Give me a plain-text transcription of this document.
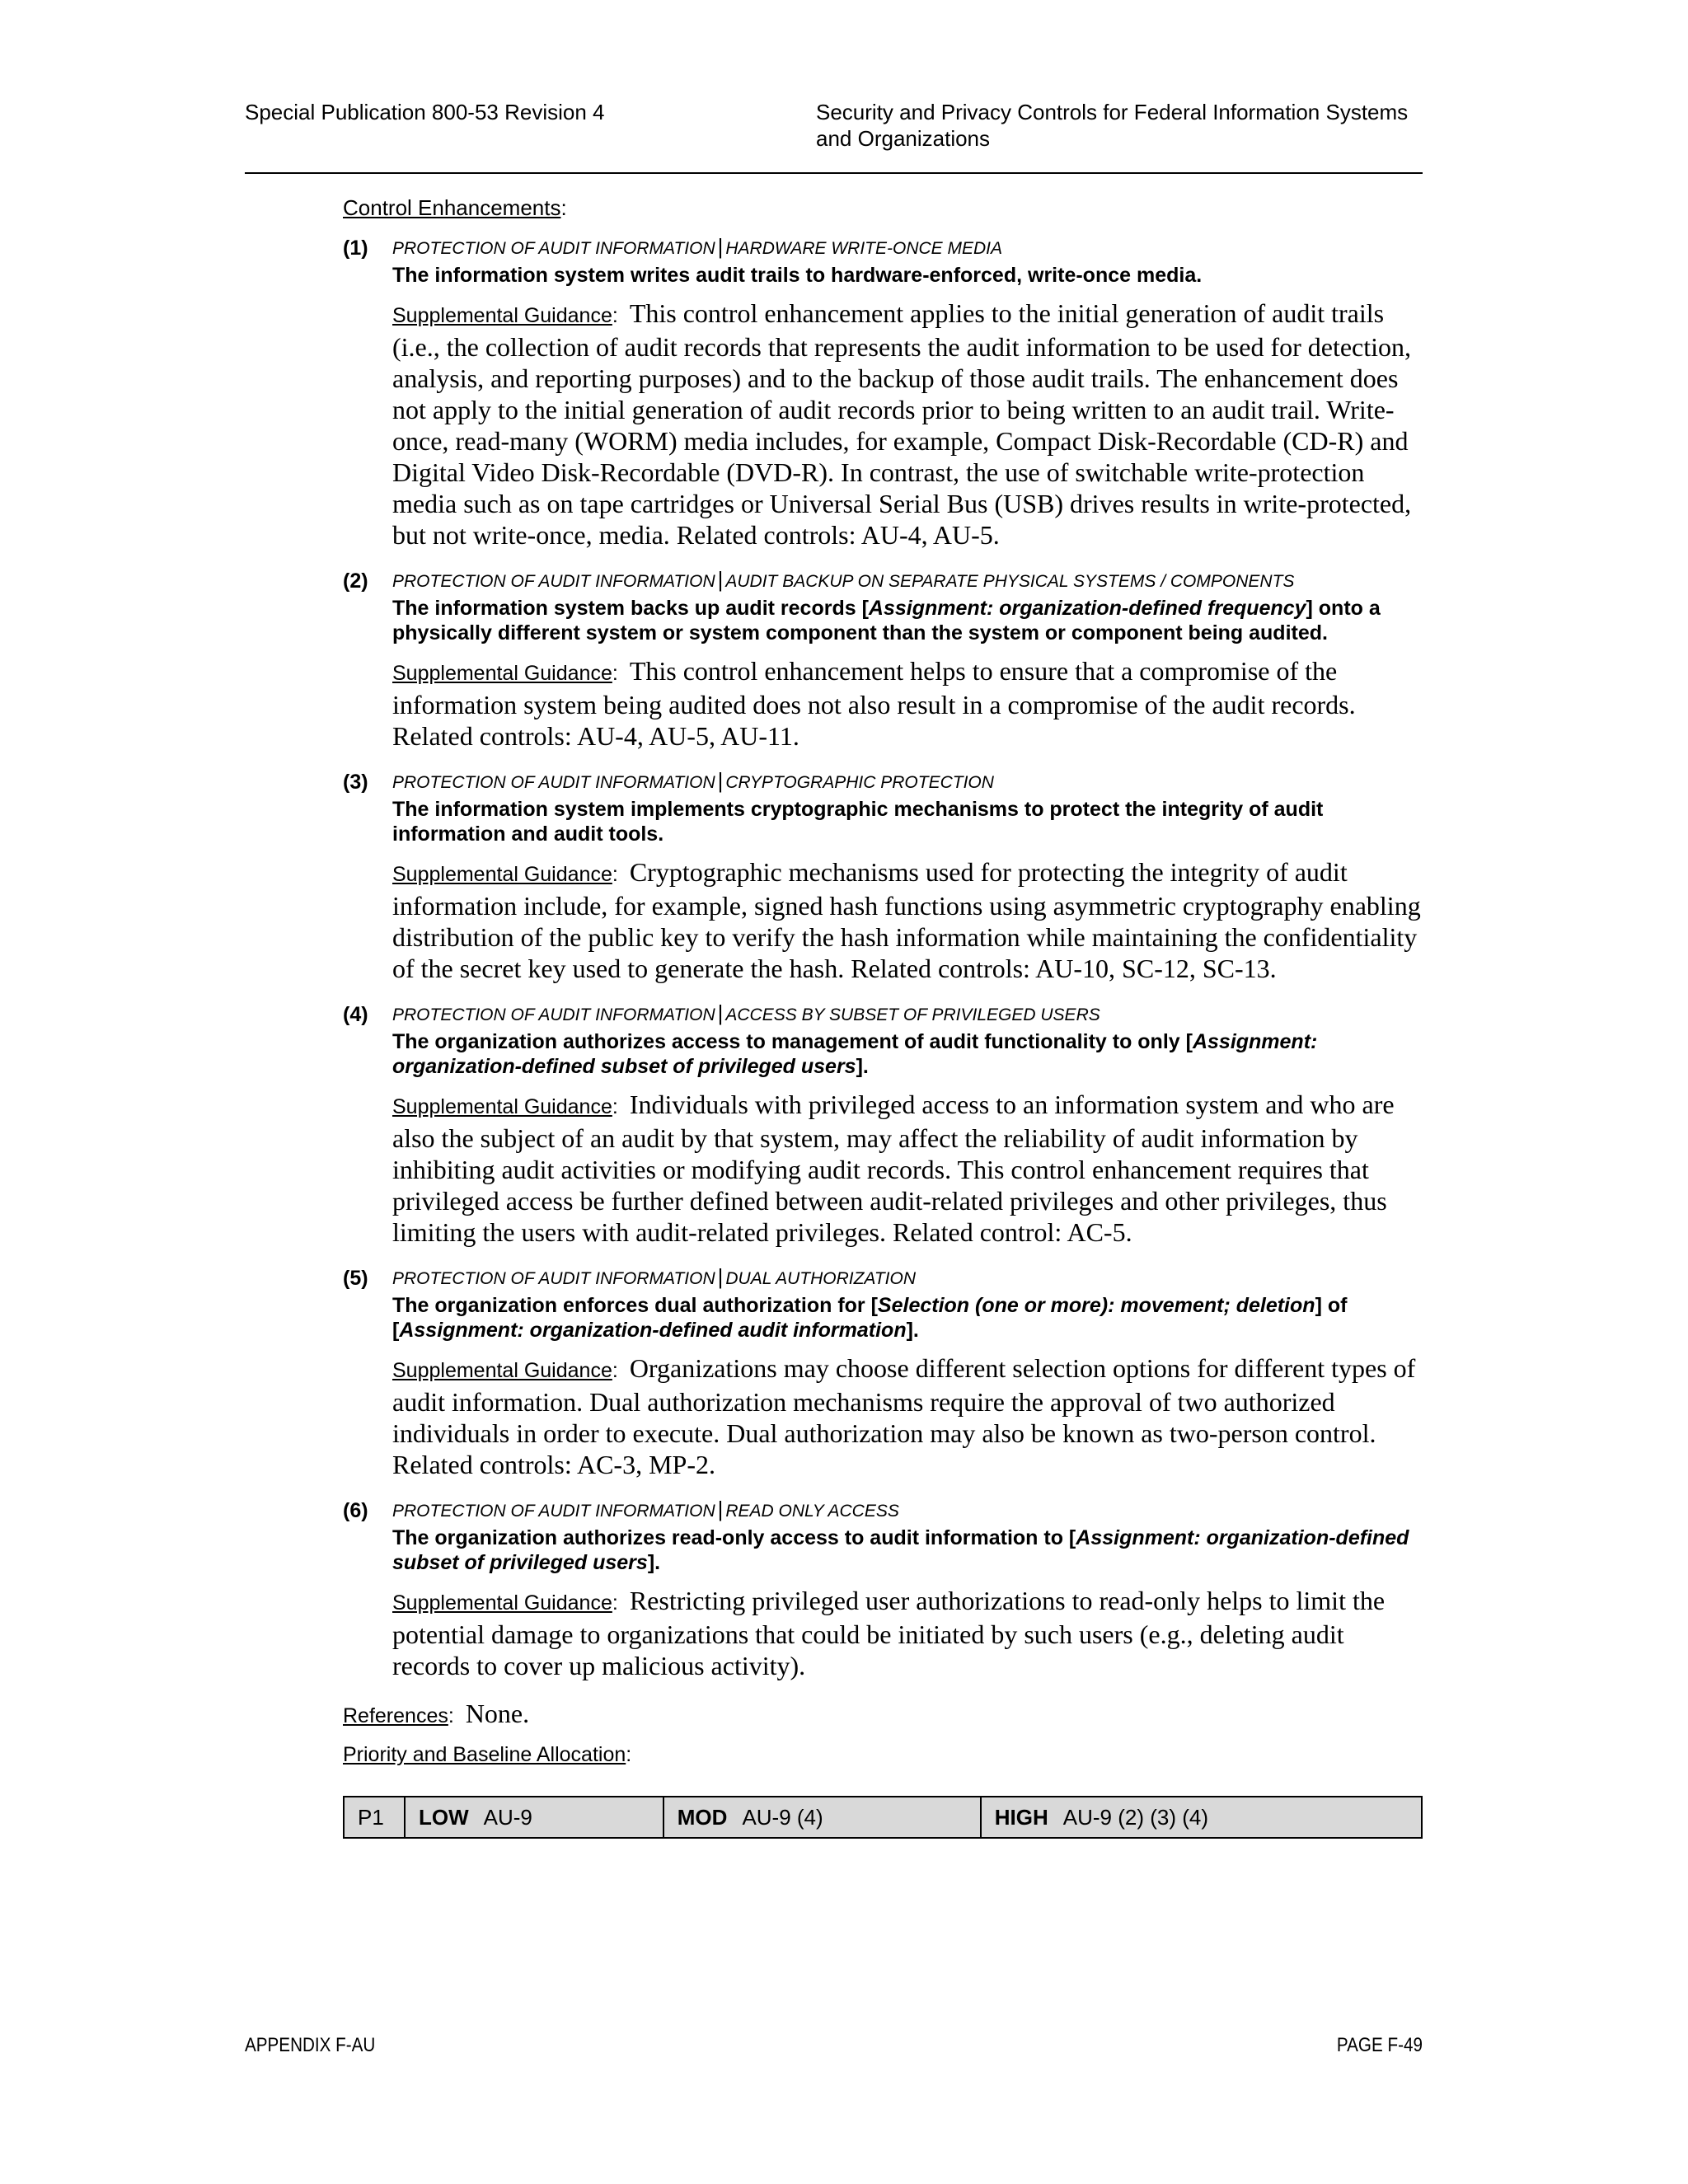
Special Publication 800-53 Revision 4	Security and Privacy Controls for Federal Information Systems and Organizations
Control Enhancements:
(1) PROTECTION OF AUDIT INFORMATION | HARDWARE WRITE-ONCE MEDIA
The information system writes audit trails to hardware-enforced, write-once media.
Supplemental Guidance: This control enhancement applies to the initial generation of audit trails (i.e., the collection of audit records that represents the audit information to be used for detection, analysis, and reporting purposes) and to the backup of those audit trails. The enhancement does not apply to the initial generation of audit records prior to being written to an audit trail. Write-once, read-many (WORM) media includes, for example, Compact Disk-Recordable (CD-R) and Digital Video Disk-Recordable (DVD-R). In contrast, the use of switchable write-protection media such as on tape cartridges or Universal Serial Bus (USB) drives results in write-protected, but not write-once, media. Related controls: AU-4, AU-5.
(2) PROTECTION OF AUDIT INFORMATION | AUDIT BACKUP ON SEPARATE PHYSICAL SYSTEMS / COMPONENTS
The information system backs up audit records [Assignment: organization-defined frequency] onto a physically different system or system component than the system or component being audited.
Supplemental Guidance: This control enhancement helps to ensure that a compromise of the information system being audited does not also result in a compromise of the audit records. Related controls: AU-4, AU-5, AU-11.
(3) PROTECTION OF AUDIT INFORMATION | CRYPTOGRAPHIC PROTECTION
The information system implements cryptographic mechanisms to protect the integrity of audit information and audit tools.
Supplemental Guidance: Cryptographic mechanisms used for protecting the integrity of audit information include, for example, signed hash functions using asymmetric cryptography enabling distribution of the public key to verify the hash information while maintaining the confidentiality of the secret key used to generate the hash. Related controls: AU-10, SC-12, SC-13.
(4) PROTECTION OF AUDIT INFORMATION | ACCESS BY SUBSET OF PRIVILEGED USERS
The organization authorizes access to management of audit functionality to only [Assignment: organization-defined subset of privileged users].
Supplemental Guidance: Individuals with privileged access to an information system and who are also the subject of an audit by that system, may affect the reliability of audit information by inhibiting audit activities or modifying audit records. This control enhancement requires that privileged access be further defined between audit-related privileges and other privileges, thus limiting the users with audit-related privileges. Related control: AC-5.
(5) PROTECTION OF AUDIT INFORMATION | DUAL AUTHORIZATION
The organization enforces dual authorization for [Selection (one or more): movement; deletion] of [Assignment: organization-defined audit information].
Supplemental Guidance: Organizations may choose different selection options for different types of audit information. Dual authorization mechanisms require the approval of two authorized individuals in order to execute. Dual authorization may also be known as two-person control. Related controls: AC-3, MP-2.
(6) PROTECTION OF AUDIT INFORMATION | READ ONLY ACCESS
The organization authorizes read-only access to audit information to [Assignment: organization-defined subset of privileged users].
Supplemental Guidance: Restricting privileged user authorizations to read-only helps to limit the potential damage to organizations that could be initiated by such users (e.g., deleting audit records to cover up malicious activity).
References: None.
Priority and Baseline Allocation:
P1	LOW AU-9	MOD AU-9 (4)	HIGH AU-9 (2) (3) (4)
APPENDIX F-AU	PAGE F-49
